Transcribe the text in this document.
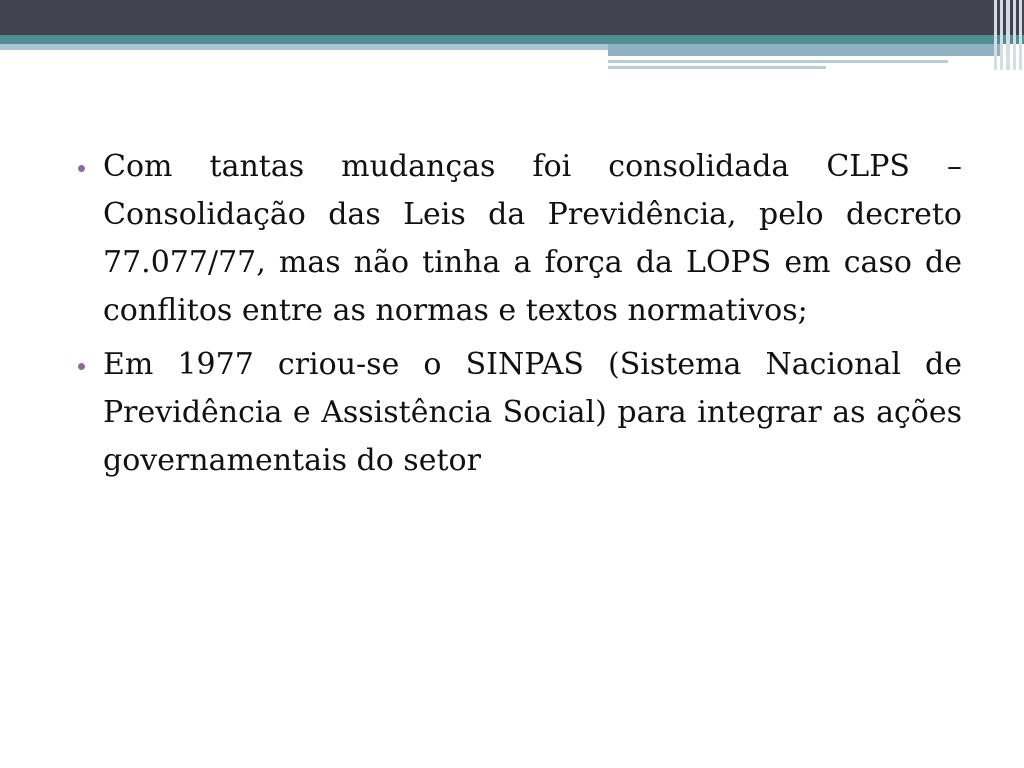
Com tantas mudanças foi consolidada CLPS – Consolidação das Leis da Previdência, pelo decreto 77.077/77, mas não tinha a força da LOPS em caso de conflitos entre as normas e textos normativos;
Em 1977 criou-se o SINPAS (Sistema Nacional de Previdência e Assistência Social) para integrar as ações governamentais do setor
